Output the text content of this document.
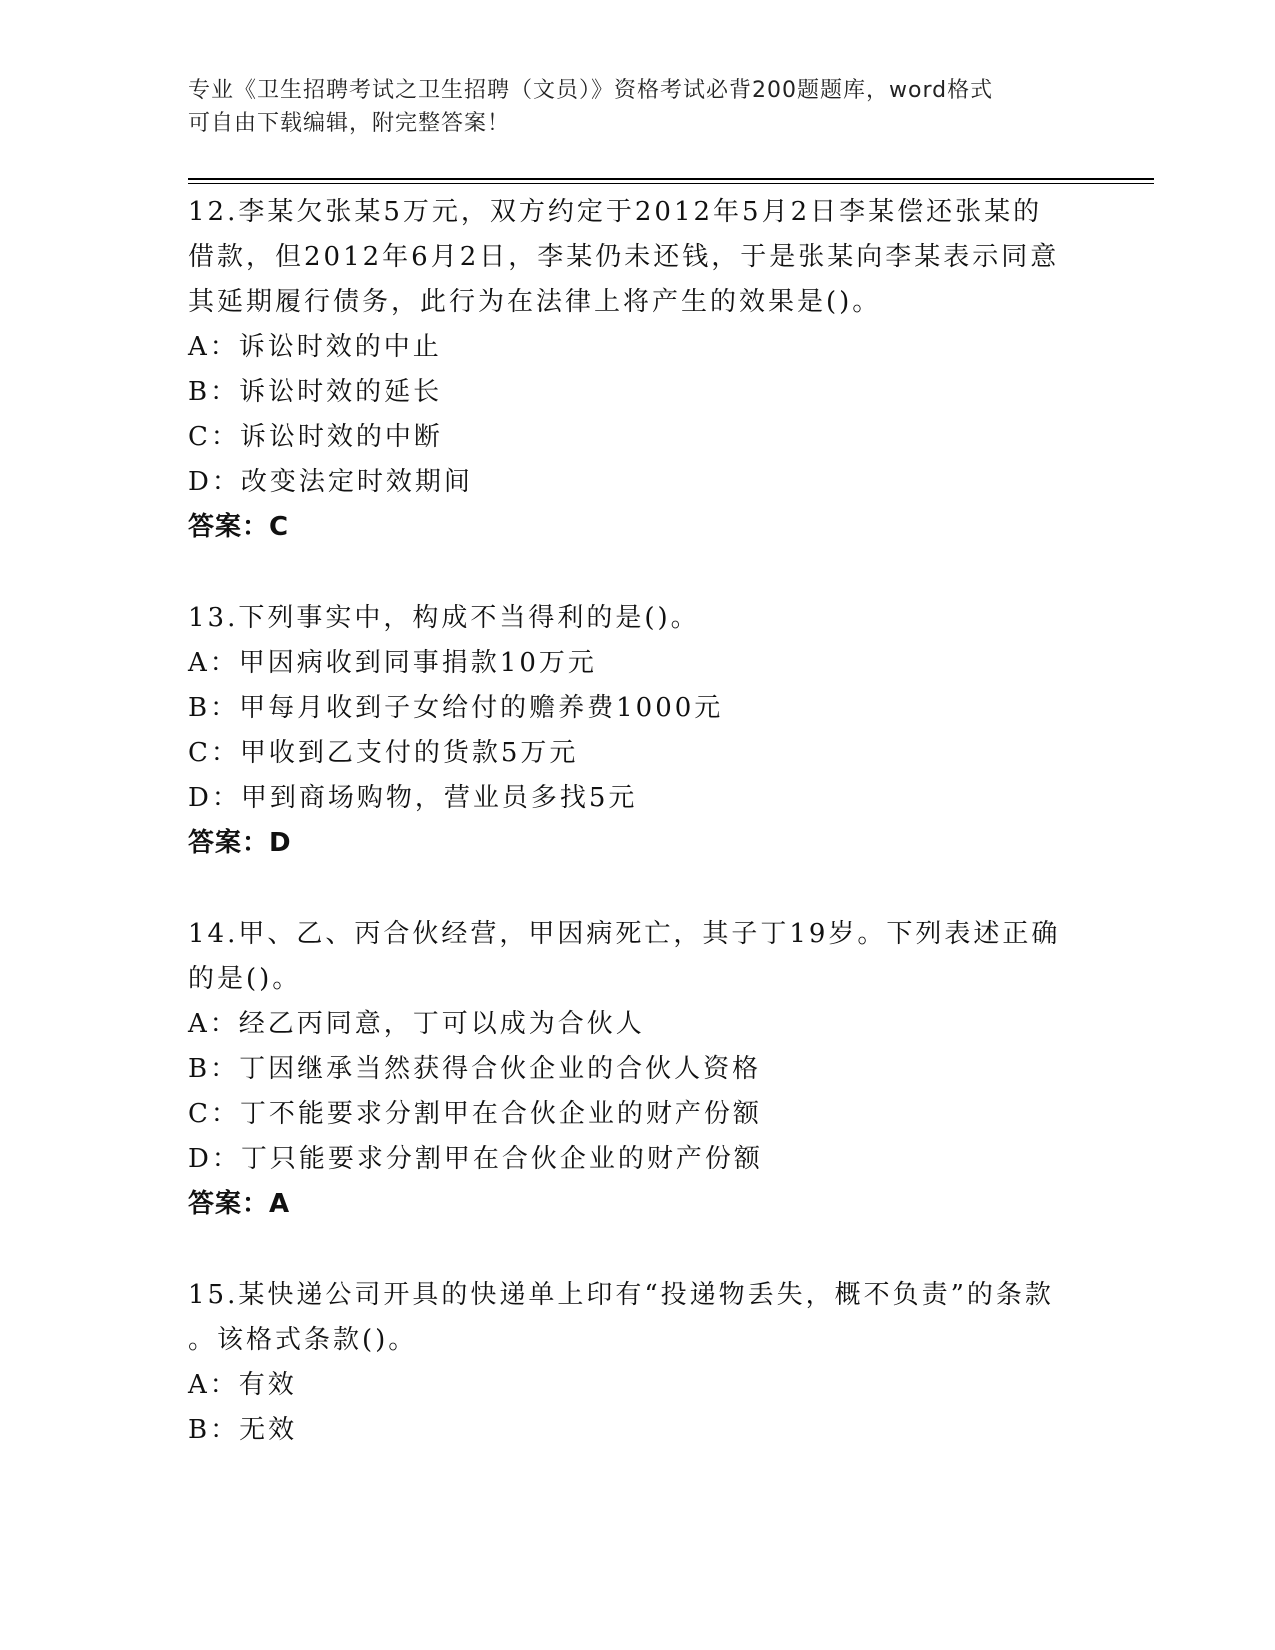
专业《卫生招聘考试之卫生招聘（文员）》资格考试必背200题题库，word格式
可自由下载编辑，附完整答案！
12.李某欠张某5万元，双方约定于2012年5月2日李某偿还张某的
借款，但2012年6月2日，李某仍未还钱，于是张某向李某表示同意
其延期履行债务，此行为在法律上将产生的效果是()。
A：诉讼时效的中止
B：诉讼时效的延长
C：诉讼时效的中断
D：改变法定时效期间
答案：C
13.下列事实中，构成不当得利的是()。
A：甲因病收到同事捐款10万元
B：甲每月收到子女给付的赡养费1000元
C：甲收到乙支付的货款5万元
D：甲到商场购物，营业员多找5元
答案：D
14.甲、乙、丙合伙经营，甲因病死亡，其子丁19岁。下列表述正确
的是()。
A：经乙丙同意，丁可以成为合伙人
B：丁因继承当然获得合伙企业的合伙人资格
C：丁不能要求分割甲在合伙企业的财产份额
D：丁只能要求分割甲在合伙企业的财产份额
答案：A
15.某快递公司开具的快递单上印有“投递物丢失，概不负责”的条款
。该格式条款()。
A：有效
B：无效
